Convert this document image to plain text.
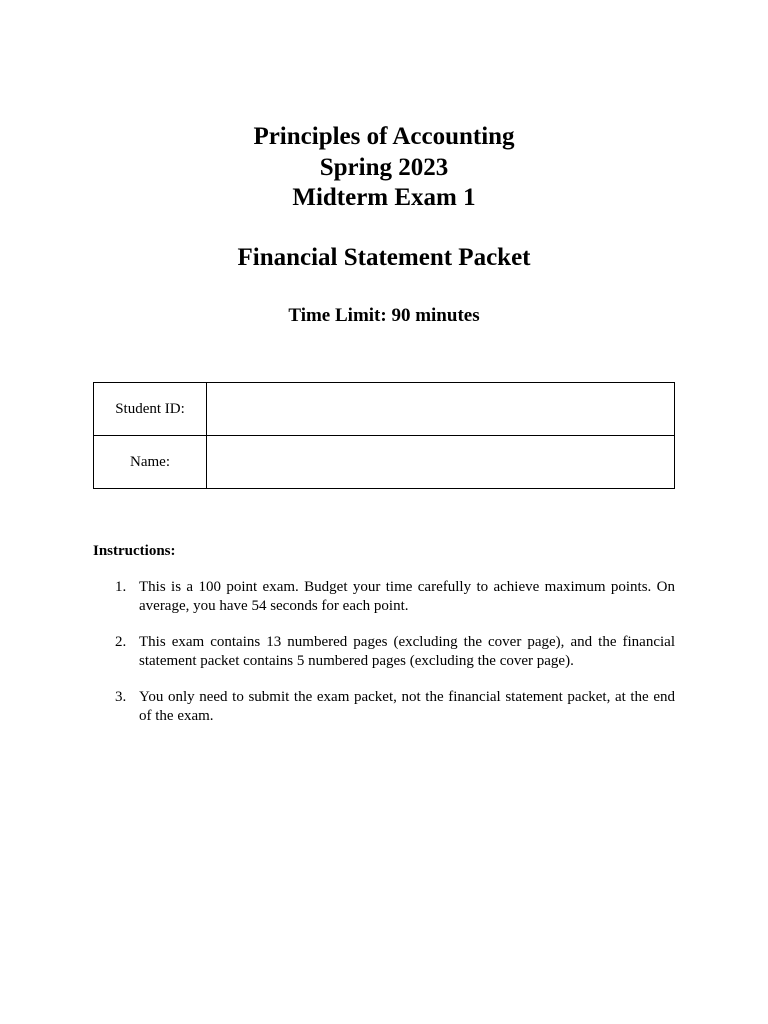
Principles of Accounting

Spring 2023

Midterm Exam 1

Financial Statement Packet

Time Limit: 90 minutes

Student ID:	
Name:	

Instructions:

1. This is a 100 point exam. Budget your time carefully to achieve maximum points. On average, you have 54 seconds for each point.
2. This exam contains 13 numbered pages (excluding the cover page), and the financial statement packet contains 5 numbered pages (excluding the cover page).
3. You only need to submit the exam packet, not the financial statement packet, at the end of the exam.
